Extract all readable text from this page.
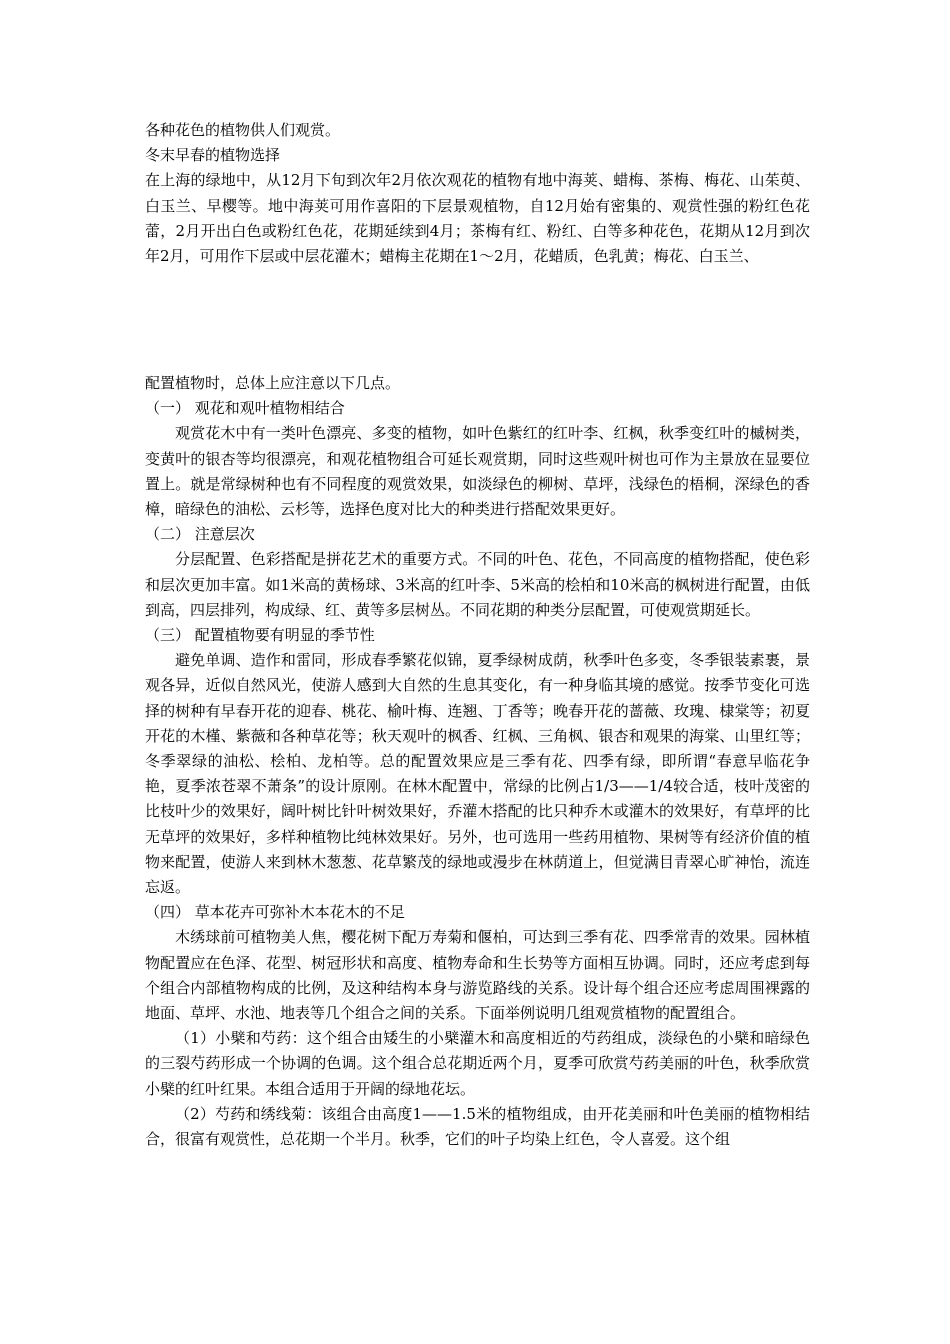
各种花色的植物供人们观赏。

冬末早春的植物选择

在上海的绿地中，从12月下旬到次年2月依次观花的植物有地中海荚、蜡梅、茶梅、梅花、山茱萸、白玉兰、早樱等。地中海荚可用作喜阳的下层景观植物，自12月始有密集的、观赏性强的粉红色花蕾，2月开出白色或粉红色花，花期延续到4月；茶梅有红、粉红、白等多种花色，花期从12月到次年2月，可用作下层或中层花灌木；蜡梅主花期在1～2月，花蜡质，色乳黄；梅花、白玉兰、

配置植物时，总体上应注意以下几点。

（一） 观花和观叶植物相结合

观赏花木中有一类叶色漂亮、多变的植物，如叶色紫红的红叶李、红枫，秋季变红叶的槭树类，变黄叶的银杏等均很漂亮，和观花植物组合可延长观赏期，同时这些观叶树也可作为主景放在显要位置上。就是常绿树种也有不同程度的观赏效果，如淡绿色的柳树、草坪，浅绿色的梧桐，深绿色的香樟，暗绿色的油松、云杉等，选择色度对比大的种类进行搭配效果更好。

（二） 注意层次

分层配置、色彩搭配是拼花艺术的重要方式。不同的叶色、花色，不同高度的植物搭配，使色彩和层次更加丰富。如1米高的黄杨球、3米高的红叶李、5米高的桧柏和10米高的枫树进行配置，由低到高，四层排列，构成绿、红、黄等多层树丛。不同花期的种类分层配置，可使观赏期延长。

（三） 配置植物要有明显的季节性

避免单调、造作和雷同，形成春季繁花似锦，夏季绿树成荫，秋季叶色多变，冬季银装素裹，景观各异，近似自然风光，使游人感到大自然的生息其变化，有一种身临其境的感觉。按季节变化可选择的树种有早春开花的迎春、桃花、榆叶梅、连翘、丁香等；晚春开花的蔷薇、玫瑰、棣棠等；初夏开花的木槿、紫薇和各种草花等；秋天观叶的枫香、红枫、三角枫、银杏和观果的海棠、山里红等；冬季翠绿的油松、桧柏、龙柏等。总的配置效果应是三季有花、四季有绿，即所谓“春意早临花争艳，夏季浓苍翠不萧条”的设计原刚。在林木配置中，常绿的比例占1/3——1/4较合适，枝叶茂密的比枝叶少的效果好，阔叶树比针叶树效果好，乔灌木搭配的比只种乔木或灌木的效果好，有草坪的比无草坪的效果好，多样种植物比纯林效果好。另外，也可选用一些药用植物、果树等有经济价值的植物来配置，使游人来到林木葱葱、花草繁茂的绿地或漫步在林荫道上，但觉满目青翠心旷神怡，流连忘返。

（四） 草本花卉可弥补木本花木的不足

木绣球前可植物美人焦，樱花树下配万寿菊和偃柏，可达到三季有花、四季常青的效果。园林植物配置应在色泽、花型、树冠形状和高度、植物寿命和生长势等方面相互协调。同时，还应考虑到每个组合内部植物构成的比例，及这种结构本身与游览路线的关系。设计每个组合还应考虑周围裸露的地面、草坪、水池、地表等几个组合之间的关系。下面举例说明几组观赏植物的配置组合。

（1）小檗和芍药：这个组合由矮生的小檗灌木和高度相近的芍药组成，淡绿色的小檗和暗绿色的三裂芍药形成一个协调的色调。这个组合总花期近两个月，夏季可欣赏芍药美丽的叶色，秋季欣赏小檗的红叶红果。本组合适用于开阔的绿地花坛。

（2）芍药和绣线菊：该组合由高度1——1.5米的植物组成，由开花美丽和叶色美丽的植物相结合，很富有观赏性，总花期一个半月。秋季，它们的叶子均染上红色，令人喜爱。这个组
